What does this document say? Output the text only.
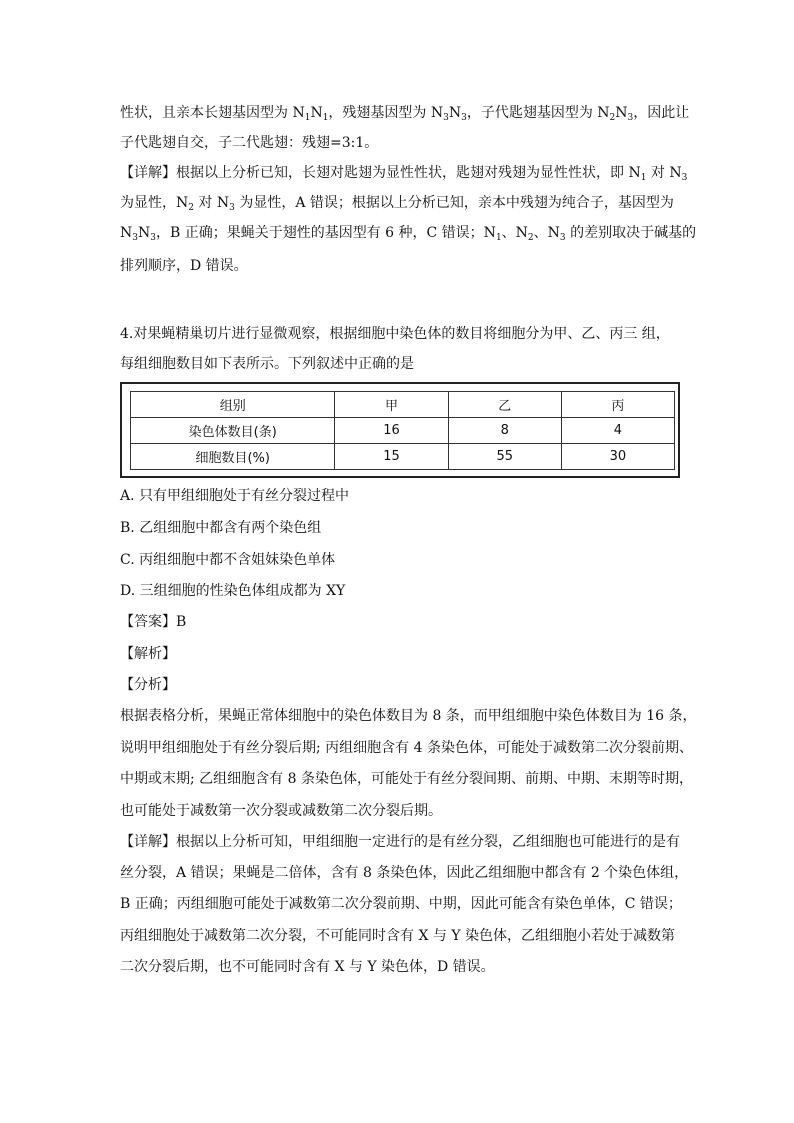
性状，且亲本长翅基因型为 $N_1N_1$，残翅基因型为 $N_3N_3$，子代匙翅基因型为 $N_2N_3$，因此让
子代匙翅自交，子二代匙翅：残翅=3:1。
【详解】根据以上分析已知，长翅对匙翅为显性性状，匙翅对残翅为显性性状，即 $N_1$ 对 $N_3$
为显性，$N_2$ 对 $N_3$ 为显性，A 错误；根据以上分析已知，亲本中残翅为纯合子，基因型为
$N_3N_3$，B 正确；果蝇关于翅性的基因型有 6 种，C 错误；$N_1$、$N_2$、$N_3$ 的差别取决于碱基的
排列顺序，D 错误。
4.对果蝇精巢切片进行显微观察，根据细胞中染色体的数目将细胞分为甲、乙、丙三 组，
每组细胞数目如下表所示。下列叙述中正确的是
组别	甲	乙	丙
染色体数目(条)	16	8	4
细胞数目(%)	15	55	30
A. 只有甲组细胞处于有丝分裂过程中
B. 乙组细胞中都含有两个染色组
C. 丙组细胞中都不含姐妹染色单体
D. 三组细胞的性染色体组成都为 XY
【答案】B
【解析】
【分析】
根据表格分析，果蝇正常体细胞中的染色体数目为 8 条，而甲组细胞中染色体数目为 16 条，
说明甲组细胞处于有丝分裂后期; 丙组细胞含有 4 条染色体，可能处于减数第二次分裂前期、
中期或末期; 乙组细胞含有 8 条染色体，可能处于有丝分裂间期、前期、中期、末期等时期，
也可能处于减数第一次分裂或减数第二次分裂后期。
【详解】根据以上分析可知，甲组细胞一定进行的是有丝分裂，乙组细胞也可能进行的是有
丝分裂，A 错误；果蝇是二倍体，含有 8 条染色体，因此乙组细胞中都含有 2 个染色体组，
B 正确；丙组细胞可能处于减数第二次分裂前期、中期，因此可能含有染色单体，C 错误；
丙组细胞处于减数第二次分裂，不可能同时含有 X 与 Y 染色体，乙组细胞小若处于减数第
二次分裂后期，也不可能同时含有 X 与 Y 染色体，D 错误。
